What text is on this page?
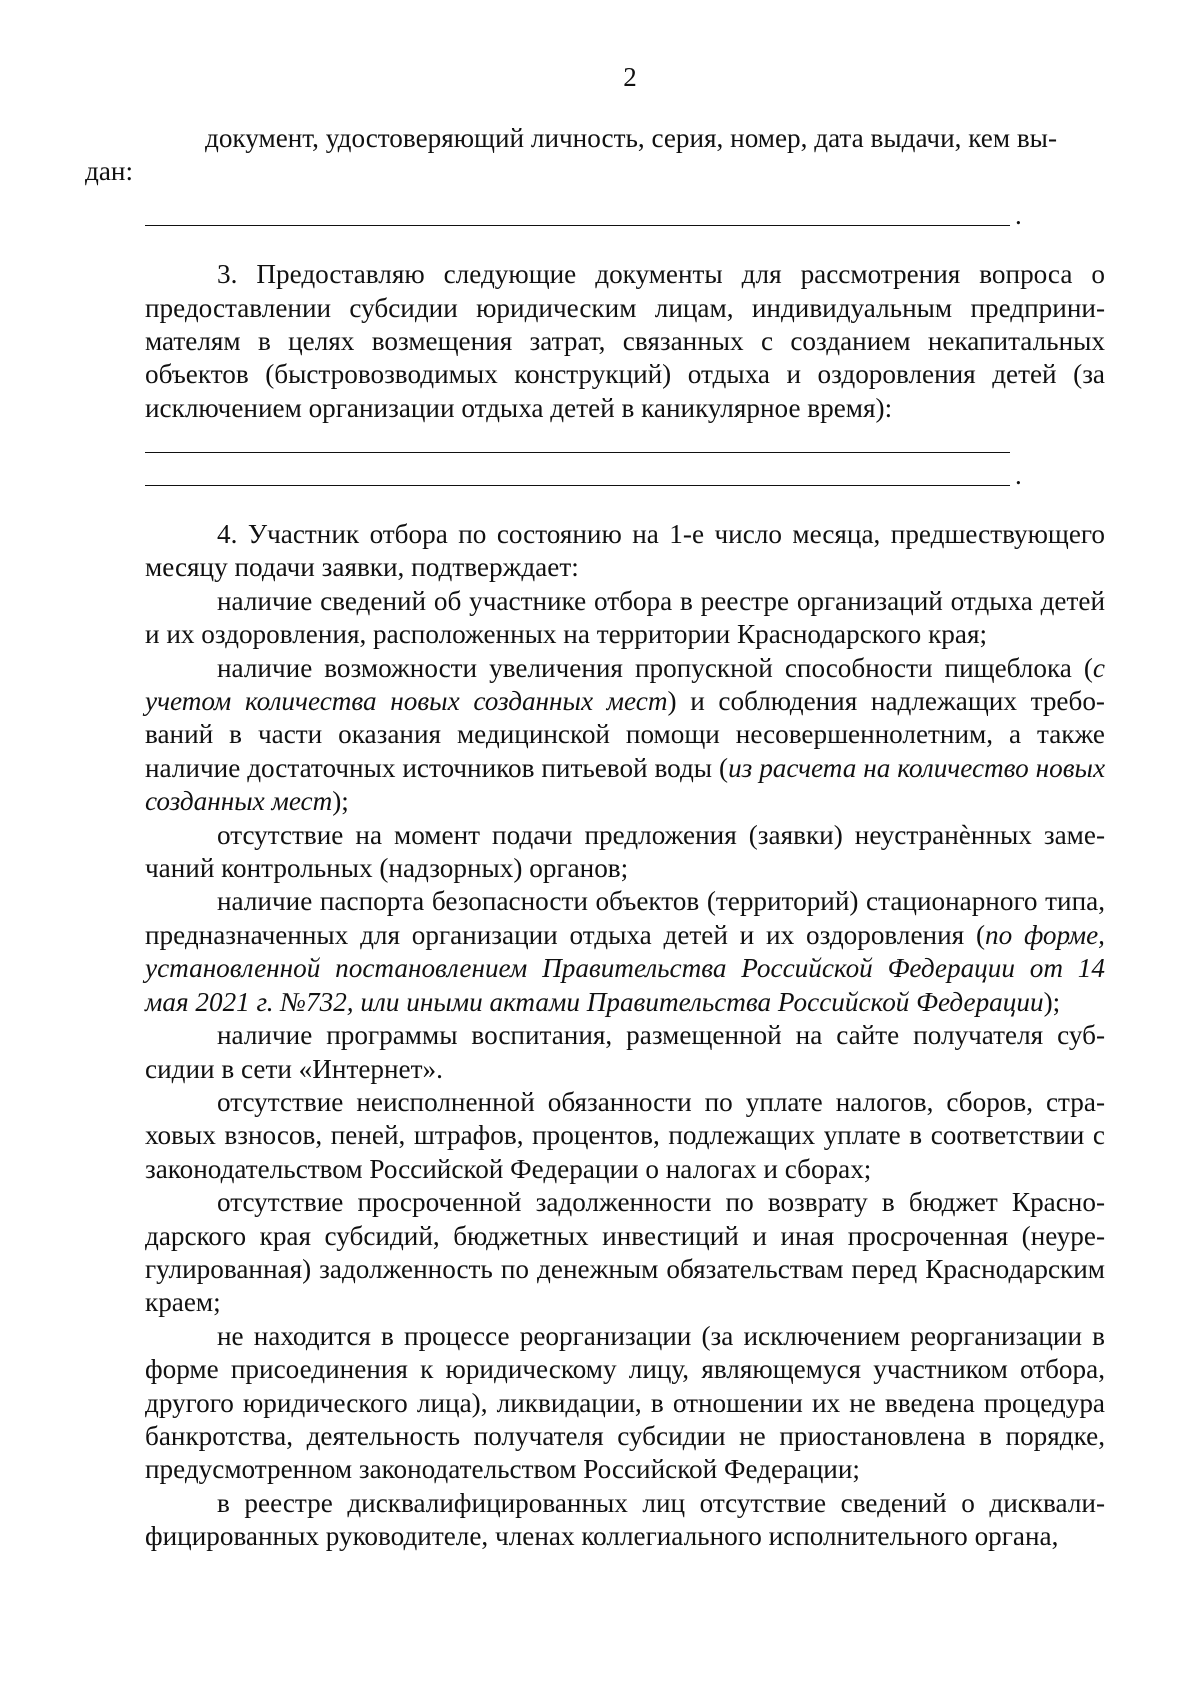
2

документ, удостоверяющий личность, серия, номер, дата выдачи, кем вы-
дан:

.

3. Предоставляю следующие документы для рассмотрения вопроса о предоставлении субсидии юридическим лицам, индивидуальным предпринимателям в целях возмещения затрат, связанных с созданием некапитальных объектов (быстровозводимых конструкций) отдыха и оздоровления детей (за исключением организации отдыха детей в каникулярное время):

.

4. Участник отбора по состоянию на 1-е число месяца, предшествующего месяцу подачи заявки, подтверждает:

наличие сведений об участнике отбора в реестре организаций отдыха детей и их оздоровления, расположенных на территории Краснодарского края;

наличие возможности увеличения пропускной способности пищеблока (с учетом количества новых созданных мест) и соблюдения надлежащих требований в части оказания медицинской помощи несовершеннолетним, а также наличие достаточных источников питьевой воды (из расчета на количество новых созданных мест);

отсутствие на момент подачи предложения (заявки) неустранѐнных замечаний контрольных (надзорных) органов;

наличие паспорта безопасности объектов (территорий) стационарного типа, предназначенных для организации отдыха детей и их оздоровления (по форме, установленной постановлением Правительства Российской Федерации от 14 мая 2021 г. №732, или иными актами Правительства Российской Федерации);

наличие программы воспитания, размещенной на сайте получателя субсидии в сети «Интернет».

отсутствие неисполненной обязанности по уплате налогов, сборов, страховых взносов, пеней, штрафов, процентов, подлежащих уплате в соответствии с законодательством Российской Федерации о налогах и сборах;

отсутствие просроченной задолженности по возврату в бюджет Краснодарского края субсидий, бюджетных инвестиций и иная просроченная (неурегулированная) задолженность по денежным обязательствам перед Краснодарским краем;

не находится в процессе реорганизации (за исключением реорганизации в форме присоединения к юридическому лицу, являющемуся участником отбора, другого юридического лица), ликвидации, в отношении их не введена процедура банкротства, деятельность получателя субсидии не приостановлена в порядке, предусмотренном законодательством Российской Федерации;

в реестре дисквалифицированных лиц отсутствие сведений о дисквалифицированных руководителе, членах коллегиального исполнительного органа,
